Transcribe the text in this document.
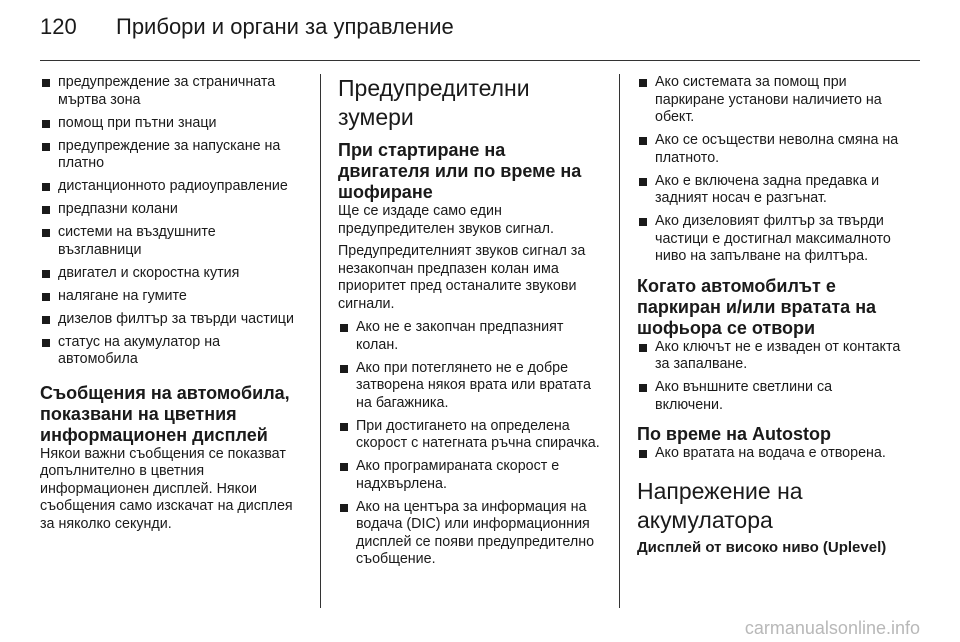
120	Прибори и органи за управление
предупреждение за страничната мъртва зона
помощ при пътни знаци
предупреждение за напускане на платно
дистанционното радиоуправление
предпазни колани
системи на въздушните възглавници
двигател и скоростна кутия
налягане на гумите
дизелов филтър за твърди частици
статус на акумулатор на автомобила
Съобщения на автомобила, показвани на цветния информационен дисплей

Някои важни съобщения се показват допълнително в цветния информационен дисплей. Някои съобщения само изскачат на дисплея за няколко секунди.

Предупредителни зумери
При стартиране на двигателя или по време на шофиране

Ще се издаде само един предупредителен звуков сигнал.

Предупредителният звуков сигнал за незакопчан предпазен колан има приоритет пред останалите звукови сигнали.

Ако не е закопчан предпазният колан.
Ако при потеглянето не е добре затворена някоя врата или вратата на багажника.
При достигането на определена скорост с натегната ръчна спирачка.
Ако програмираната скорост е надхвърлена.
Ако на центъра за информация на водача (DIC) или информационния дисплей се появи предупредително съобщение.
Ако системата за помощ при паркиране установи наличието на обект.
Ако се осъществи неволна смяна на платното.
Ако е включена задна предавка и задният носач е разгънат.
Ако дизеловият филтър за твърди частици е достигнал максималното ниво на запълване на филтъра.
Когато автомобилът е паркиран и/или вратата на шофьора се отвори
Ако ключът не е изваден от контакта за запалване.
Ако външните светлини са включени.
По време на Autostop
Ако вратата на водача е отворена.
Напрежение на акумулатора
Дисплей от високо ниво (Uplevel)
carmanualsonline.info
